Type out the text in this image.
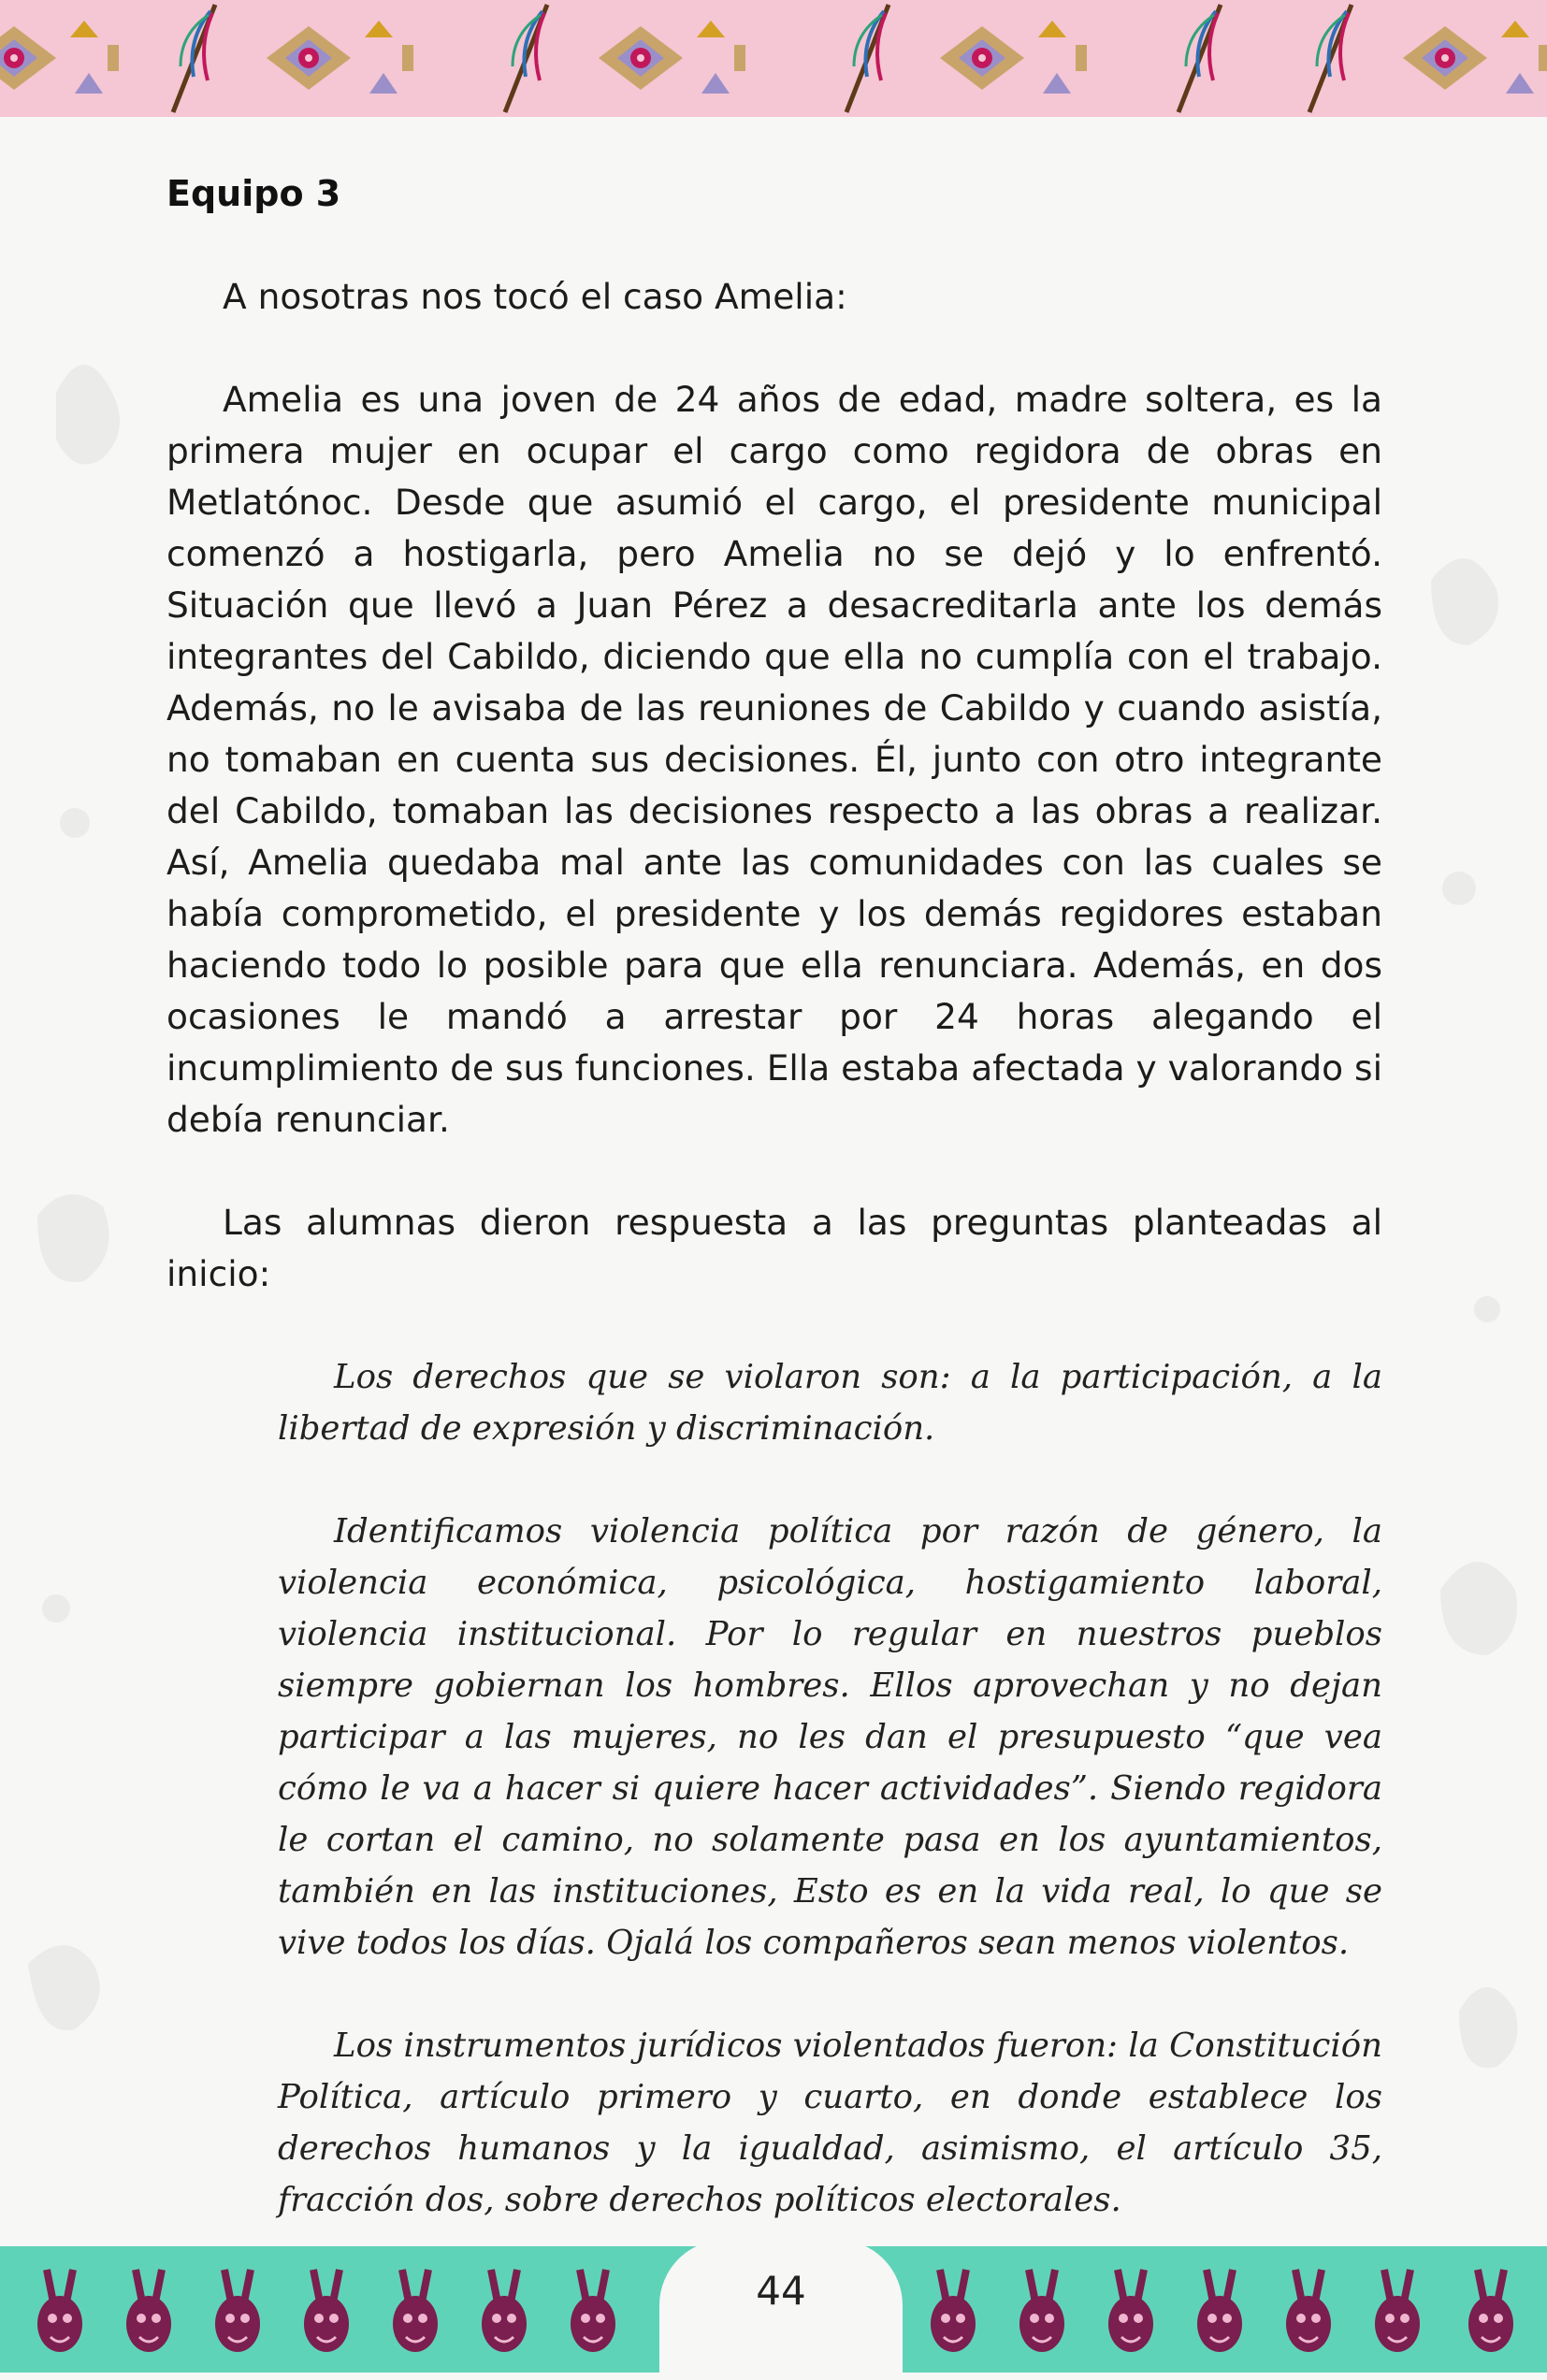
Equipo 3

A nosotras nos tocó el caso Amelia:

Amelia es una joven de 24 años de edad, madre soltera, es la primera mujer en ocupar el cargo como regidora de obras en Metlatónoc. Desde que asumió el cargo, el presidente municipal comenzó a hostigarla, pero Amelia no se dejó y lo enfrentó. Situación que llevó a Juan Pérez a desacreditarla ante los demás integrantes del Cabildo, diciendo que ella no cumplía con el trabajo. Además, no le avisaba de las reuniones de Cabildo y cuando asistía, no tomaban en cuenta sus decisiones. Él, junto con otro integrante del Cabildo, tomaban las decisiones respecto a las obras a realizar. Así, Amelia quedaba mal ante las comunidades con las cuales se había comprometido, el presidente y los demás regidores estaban haciendo todo lo posible para que ella renunciara. Además, en dos ocasiones le mandó a arrestar por 24 horas alegando el incumplimiento de sus funciones. Ella estaba afectada y valorando si debía renunciar.

Las alumnas dieron respuesta a las preguntas planteadas al inicio:

Los derechos que se violaron son: a la participación, a la libertad de expresión y discriminación.

Identificamos violencia política por razón de género, la violencia económica, psicológica, hostigamiento laboral, violencia institucional. Por lo regular en nuestros pueblos siempre gobiernan los hombres. Ellos aprovechan y no dejan participar a las mujeres, no les dan el presupuesto “que vea cómo le va a hacer si quiere hacer actividades”. Siendo regidora le cortan el camino, no solamente pasa en los ayuntamientos, también en las instituciones, Esto es en la vida real, lo que se vive todos los días. Ojalá los compañeros sean menos violentos.

Los instrumentos jurídicos violentados fueron: la Constitución Política, artículo primero y cuarto, en donde establece los derechos humanos y la igualdad, asimismo, el artículo 35, fracción dos, sobre derechos políticos electorales.

44
